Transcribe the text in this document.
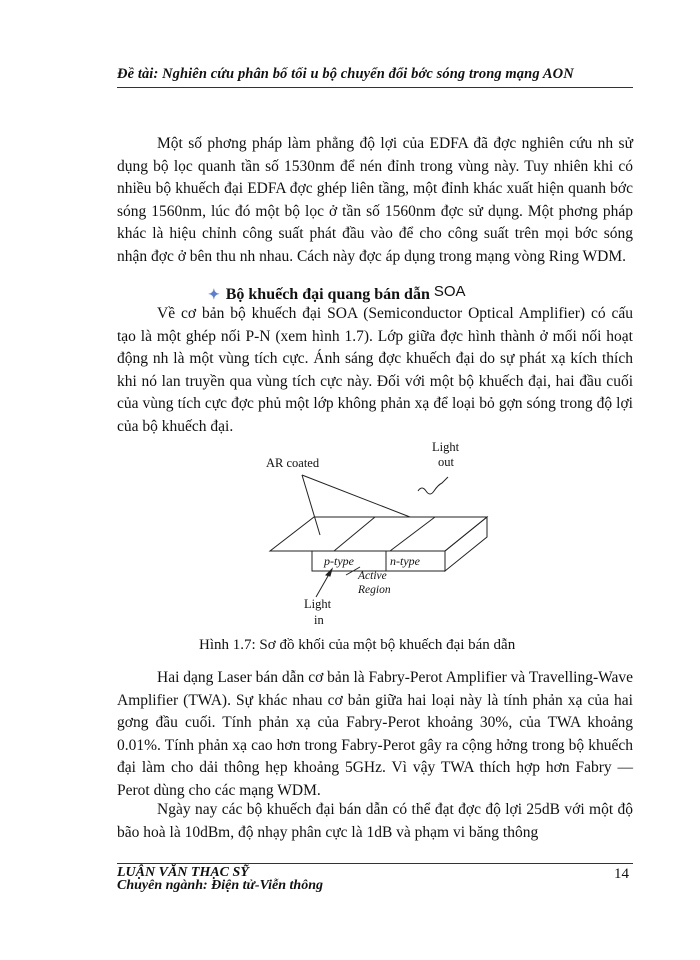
Đề tài: Nghiên cứu phân bố tối u bộ chuyển đổi bớc sóng trong mạng AON

Một số phơng pháp làm phẳng độ lợi của EDFA đã đợc nghiên cứu nh sử dụng bộ lọc quanh tần số 1530nm để nén đỉnh trong vùng này. Tuy nhiên khi có nhiều bộ khuếch đại EDFA đợc ghép liên tầng, một đỉnh khác xuất hiện quanh bớc sóng 1560nm, lúc đó một bộ lọc ở tần số 1560nm đợc sử dụng. Một phơng pháp khác là hiệu chỉnh công suất phát đầu vào để cho công suất trên mọi bớc sóng nhận đợc ở bên thu nh nhau. Cách này đợc áp dụng trong mạng vòng Ring WDM.

✦ Bộ khuếch đại quang bán dẫn SOA

Về cơ bản bộ khuếch đại SOA (Semiconductor Optical Amplifier) có cấu tạo là một ghép nối P-N (xem hình 1.7). Lớp giữa đợc hình thành ở mối nối hoạt động nh là một vùng tích cực. Ánh sáng đợc khuếch đại do sự phát xạ kích thích khi nó lan truyền qua vùng tích cực này. Đối với một bộ khuếch đại, hai đầu cuối của vùng tích cực đợc phủ một lớp không phản xạ để loại bỏ gợn sóng trong độ lợi của bộ khuếch đại.

AR coated
Light
out
p-type	n-type
Active
Region
Light
in
Hình 1.7: Sơ đồ khối của một bộ khuếch đại bán dẫn

Hai dạng Laser bán dẫn cơ bản là Fabry-Perot Amplifier và Travelling-Wave Amplifier (TWA). Sự khác nhau cơ bản giữa hai loại này là tính phản xạ của hai gơng đầu cuối. Tính phản xạ của Fabry-Perot khoảng 30%, của TWA khoảng 0.01%. Tính phản xạ cao hơn trong Fabry-Perot gây ra cộng hởng trong bộ khuếch đại làm cho dải thông hẹp khoảng 5GHz. Vì vậy TWA thích hợp hơn Fabry —Perot dùng cho các mạng WDM.

Ngày nay các bộ khuếch đại bán dẫn có thể đạt đợc độ lợi 25dB với một độ bão hoà là 10dBm, độ nhạy phân cực là 1dB và phạm vi băng thông

LUẬN VĂN THẠC SỸ
Chuyên ngành: Điện tử-Viễn thông
14
